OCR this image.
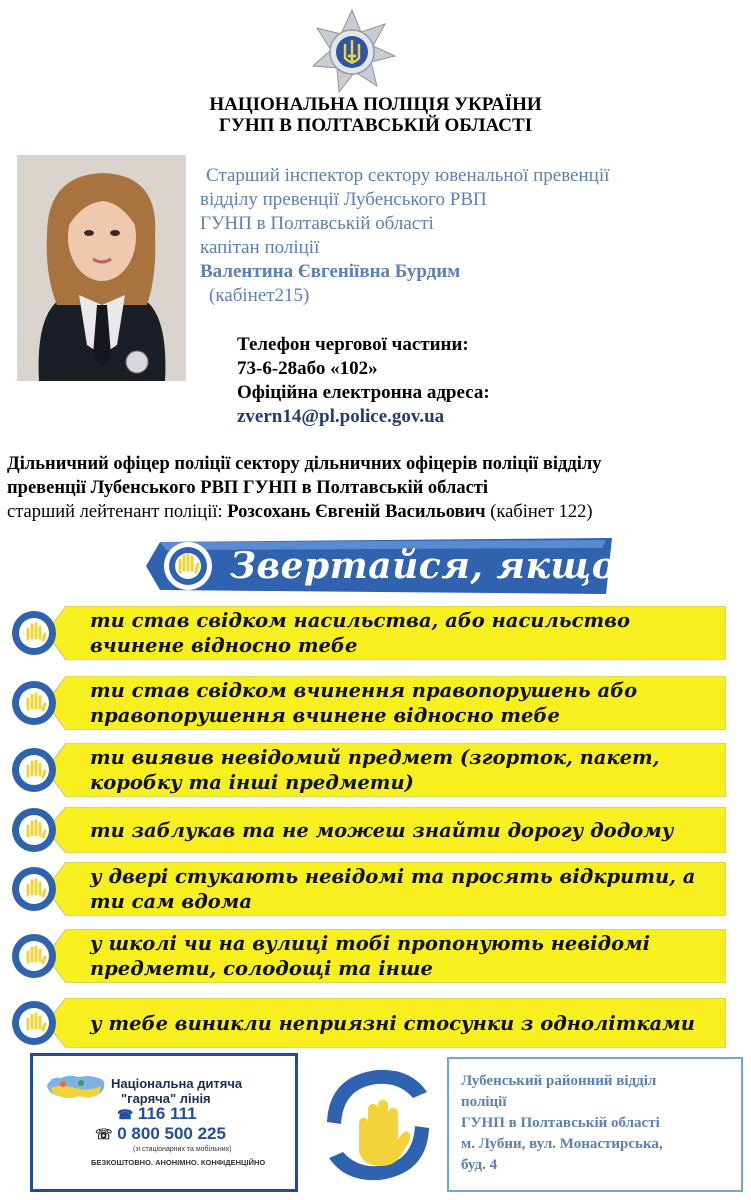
НАЦІОНАЛЬНА ПОЛІЦІЯ УКРАЇНИ
ГУНП В ПОЛТАВСЬКІЙ ОБЛАСТІ
Старший інспектор сектору ювенальної превенції
відділу превенції Лубенського РВП
ГУНП в Полтавській області
капітан поліції
Валентина Євгеніївна Бурдим
(кабінет215)
Телефон чергової частини:
73-6-28або «102»
Офіційна електронна адреса:
zvern14@pl.police.gov.ua
Дільничний офіцер поліції сектору дільничних офіцерів поліції відділу
превенції Лубенського РВП ГУНП в Полтавській області
старший лейтенант поліції: Розсохань Євгеній Васильович (кабінет 122)
Звертайся, якщо:
ти став свідком насильства, або насильство вчинене відносно тебе
ти став свідком вчинення правопорушень або правопорушення вчинене відносно тебе
ти виявив невідомий предмет (згорток, пакет, коробку та інші предмети)
ти заблукав та не можеш знайти дорогу додому
у двері стукають невідомі та просять відкрити, а ти сам вдома
у школі чи на вулиці тобі пропонують невідомі предмети, солодощі та інше
у тебе виникли неприязні стосунки з однолітками
Національна дитяча
"гаряча" лінія
☎ 116 111
☏ 0 800 500 225
(зі стаціонарних та мобільних)
БЕЗКОШТОВНО. АНОНІМНО. КОНФІДЕНЦІЙНО
Лубенський районний відділ
поліції
ГУНП в Полтавській області
м. Лубни, вул. Монастирська,
буд. 4
